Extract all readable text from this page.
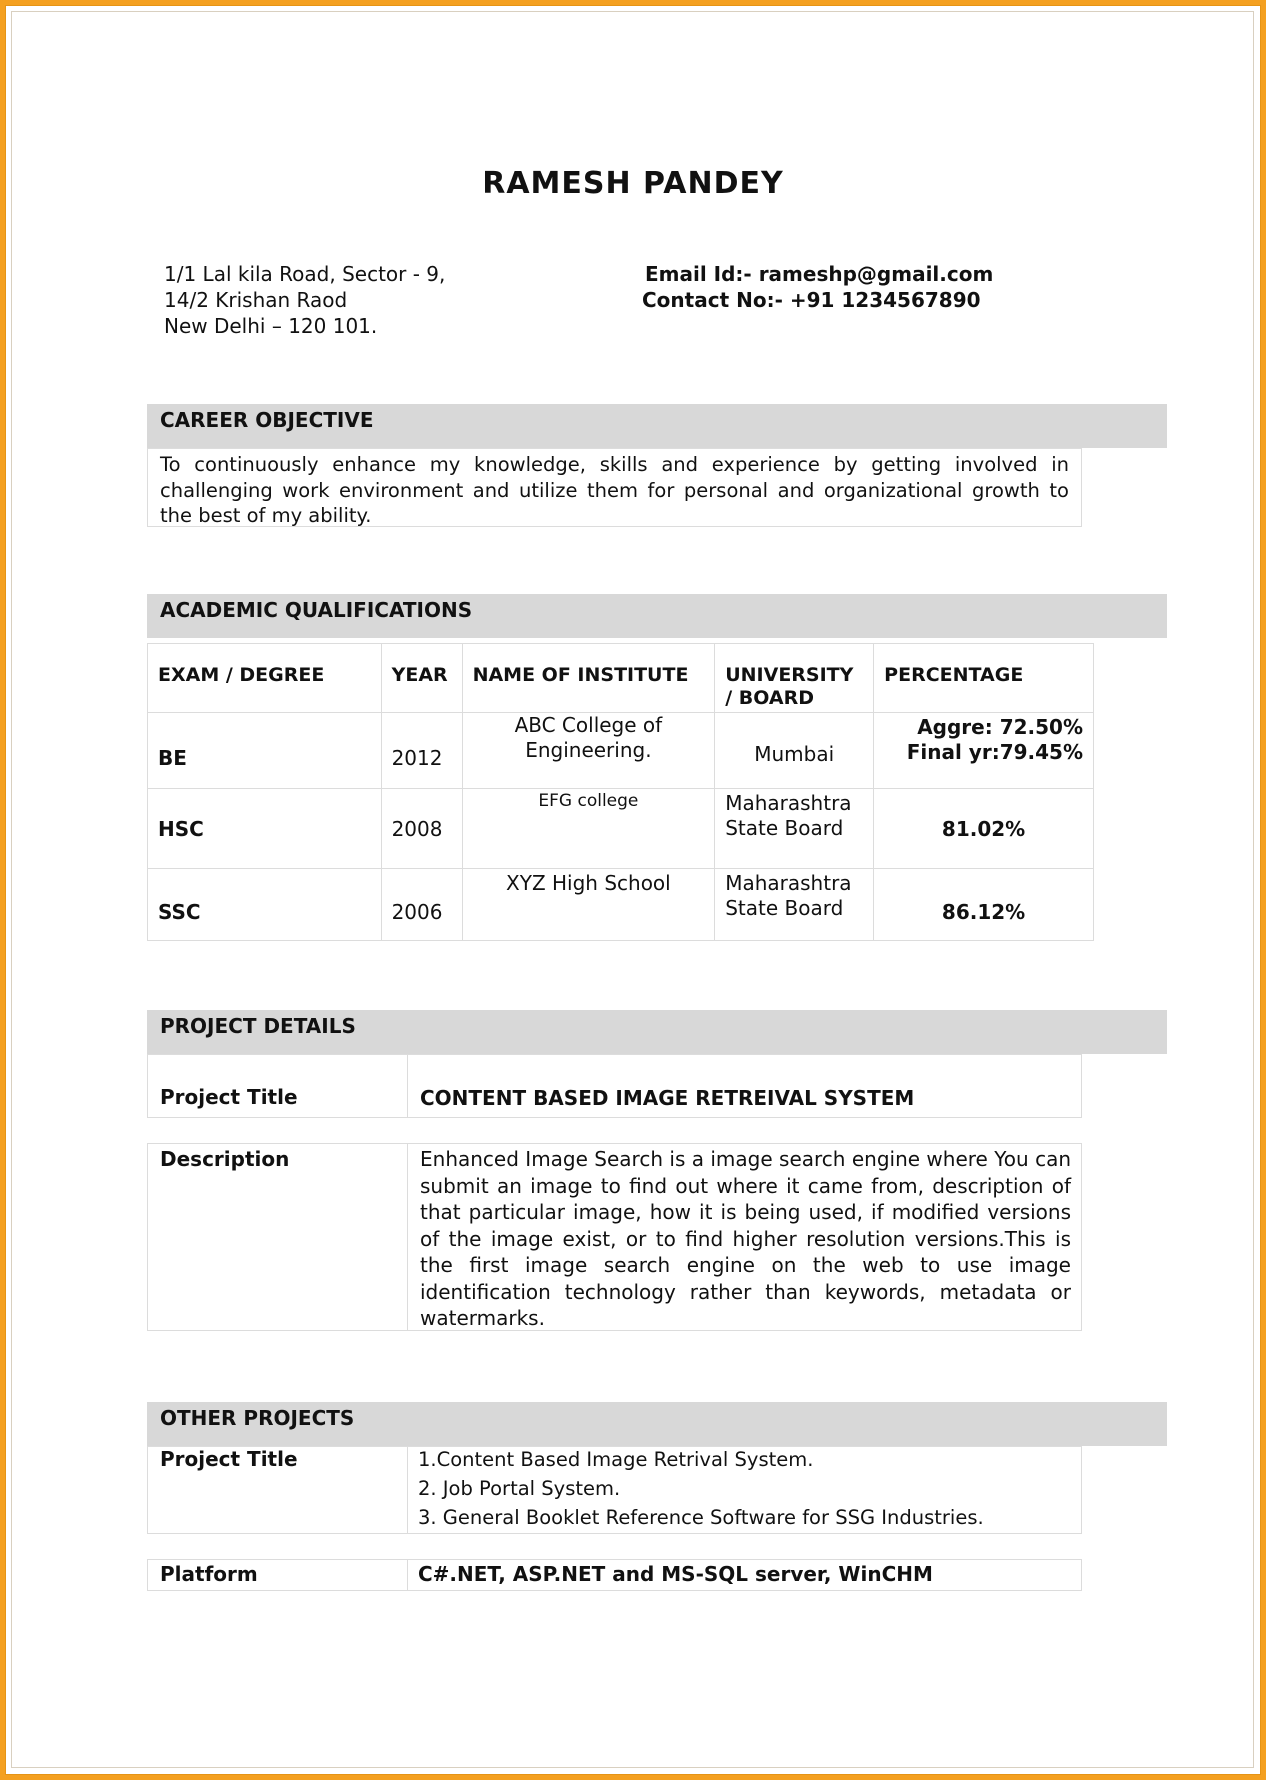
RAMESH PANDEY
1/1 Lal kila Road, Sector - 9,
14/2 Krishan Raod
New Delhi – 120 101.
Email Id:- rameshp@gmail.com
Contact No:- +91 1234567890
CAREER OBJECTIVE
To continuously enhance my knowledge, skills and experience by getting involved in challenging work environment and utilize them for personal and organizational growth to the best of my ability.
ACADEMIC QUALIFICATIONS
EXAM / DEGREE	YEAR	NAME OF INSTITUTE	UNIVERSITY / BOARD	PERCENTAGE
BE	2012	ABC College of Engineering.	Mumbai	Aggre: 72.50%
Final yr:79.45%

HSC	2008	EFG college	Maharashtra State Board	81.02%
SSC	2006	XYZ High School	Maharashtra State Board	86.12%
PROJECT DETAILS
Project Title	CONTENT BASED IMAGE RETREIVAL SYSTEM
Description	Enhanced Image Search is a image search engine where You can submit an image to find out where it came from, description of that particular image, how it is being used, if modified versions of the image exist, or to find higher resolution versions.This is the first image search engine on the web to use image identification technology rather than keywords, metadata or watermarks.
OTHER PROJECTS
Project Title	1.Content Based Image Retrival System.
2. Job Portal System.
3. General Booklet Reference Software for SSG Industries.
Platform	C#.NET, ASP.NET and MS-SQL server, WinCHM
